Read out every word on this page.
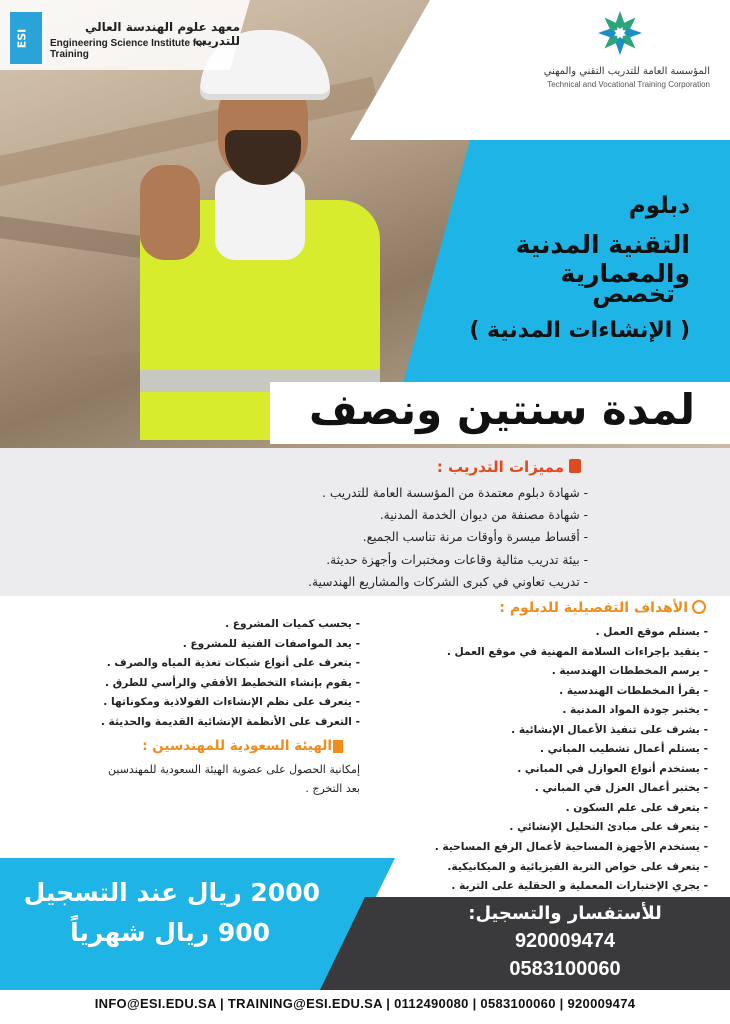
ESI
معهد علوم الهندسة العالي للتدريب
Engineering Science Institute for Training
المؤسسة العامة للتدريب التقني والمهني
Technical and Vocational Training Corporation
دبلوم
التقنية المدنية والمعمارية
تخصص
( الإنشاءات المدنية )
لمدة سنتين ونصف
مميزات التدريب :
- شهادة دبلوم معتمدة من المؤسسة العامة للتدريب .
- شهادة مصنفة من ديوان الخدمة المدنية.
- أقساط ميسرة وأوقات مرنة تناسب الجميع.
- بيئة تدريب مثالية وقاعات ومختبرات وأجهزة حديثة.
- تدريب تعاوني في كبرى الشركات والمشاريع الهندسية.
الأهداف التفصيلية للدبلوم :
- يستلم موقع العمل .
- يتقيد بإجراءات السلامة المهنية في موقع العمل .
- يرسم المخططات الهندسية .
- يقرأ المخططات الهندسية .
- يختبر جودة المواد المدنية .
- يشرف على تنفيذ الأعمال الإنشائية .
- يستلم أعمال تشطيب المباني .
- يستخدم أنواع العوازل في المباني .
- يختبر أعمال العزل في المباني .
- يتعرف على علم السكون .
- يتعرف على مبادئ التحليل الإنشائي .
- يستخدم الأجهزة المساحية لأعمال الرفع المساحية .
- يتعرف على خواص التربة الفيزيائية و الميكانيكية.
- يجري الإختبارات المعملية و الحقلية على التربة .
- يحسب كميات المشروع .
- يعد المواصفات الفنية للمشروع .
- يتعرف على أنواع شبكات تغذية المياه والصرف .
- يقوم بإنشاء التخطيط الأفقي والرأسي للطرق .
- يتعرف على نظم الإنشاءات الفولاذية ومكوناتها .
- التعرف على الأنظمة الإنشائية القديمة والحديثة .
الهيئة السعودية للمهندسين :
إمكانية الحصول على عضوية الهيئة السعودية للمهندسين بعد التخرج .
2000 ريال عند التسجيل
900 ريال شهرياً
للأستفسار والتسجيل:
920009474
0583100060
INFO@ESI.EDU.SA | TRAINING@ESI.EDU.SA | 0112490080 | 0583100060 | 920009474
